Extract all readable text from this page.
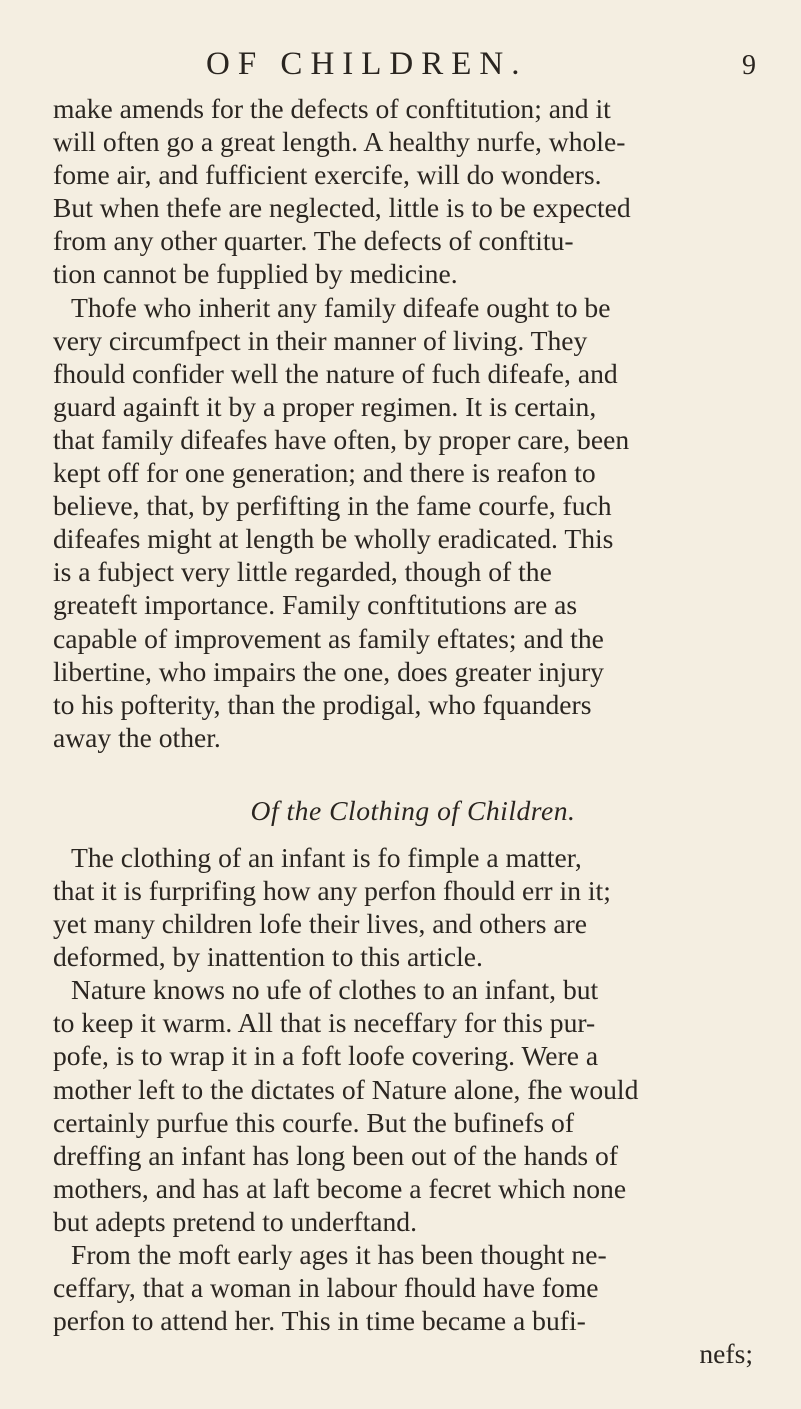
OF CHILDREN.	9
make amends for the defects of conftitution; and it
will often go a great length. A healthy nurfe, whole-
fome air, and fufficient exercife, will do wonders.
But when thefe are neglected, little is to be expected
from any other quarter. The defects of conftitu-
tion cannot be fupplied by medicine.
Thofe who inherit any family difeafe ought to be
very circumfpect in their manner of living. They
fhould confider well the nature of fuch difeafe, and
guard againft it by a proper regimen. It is certain,
that family difeafes have often, by proper care, been
kept off for one generation; and there is reafon to
believe, that, by perfifting in the fame courfe, fuch
difeafes might at length be wholly eradicated. This
is a fubject very little regarded, though of the
greateft importance. Family conftitutions are as
capable of improvement as family eftates; and the
libertine, who impairs the one, does greater injury
to his pofterity, than the prodigal, who fquanders
away the other.
Of the Clothing of Children.
The clothing of an infant is fo fimple a matter,
that it is furprifing how any perfon fhould err in it;
yet many children lofe their lives, and others are
deformed, by inattention to this article.
Nature knows no ufe of clothes to an infant, but
to keep it warm. All that is neceffary for this pur-
pofe, is to wrap it in a foft loofe covering. Were a
mother left to the dictates of Nature alone, fhe would
certainly purfue this courfe. But the bufinefs of
dreffing an infant has long been out of the hands of
mothers, and has at laft become a fecret which none
but adepts pretend to underftand.
From the moft early ages it has been thought ne-
ceffary, that a woman in labour fhould have fome
perfon to attend her. This in time became a bufi-
nefs;
